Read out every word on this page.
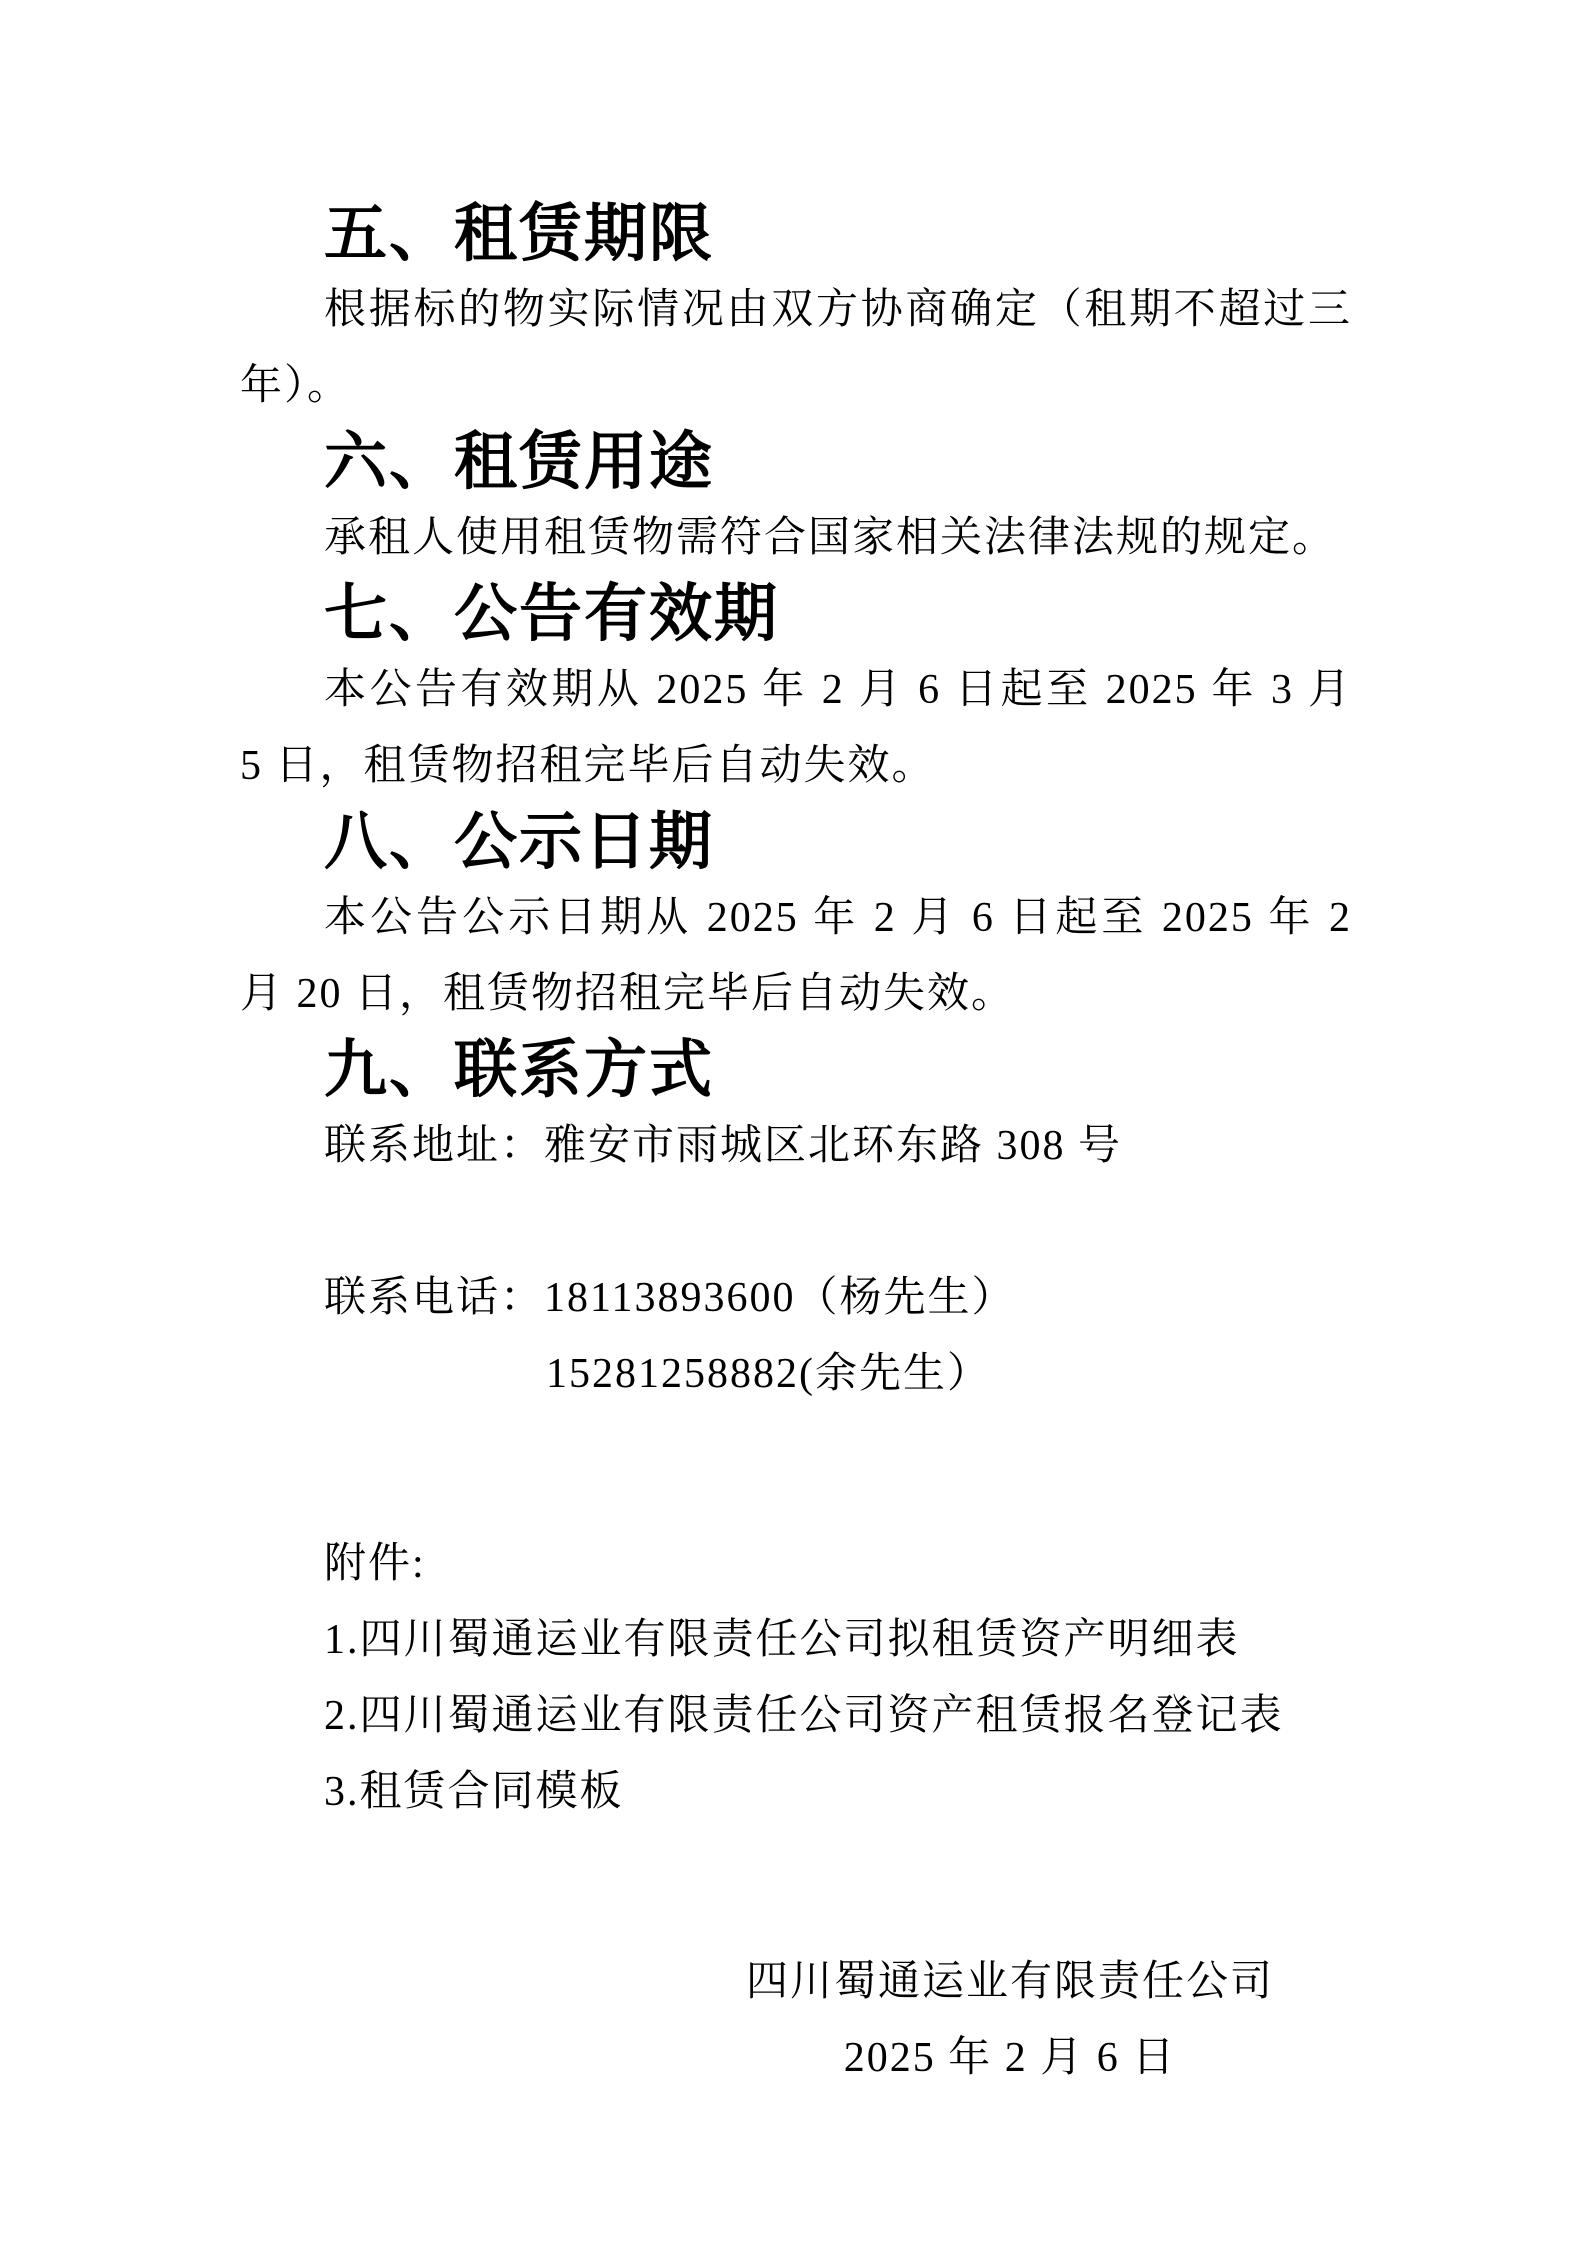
五、租赁期限

根据标的物实际情况由双方协商确定（租期不超过三年）。

六、租赁用途

承租人使用租赁物需符合国家相关法律法规的规定。

七、公告有效期

本公告有效期从 2025 年 2 月 6 日起至 2025 年 3 月 5 日，租赁物招租完毕后自动失效。

八、公示日期

本公告公示日期从 2025 年 2 月 6 日起至 2025 年 2 月 20 日，租赁物招租完毕后自动失效。

九、联系方式

联系地址：雅安市雨城区北环东路 308 号

联系电话：18113893600（杨先生）

15281258882(余先生）

附件:

1.四川蜀通运业有限责任公司拟租赁资产明细表

2.四川蜀通运业有限责任公司资产租赁报名登记表

3.租赁合同模板

四川蜀通运业有限责任公司
2025 年 2 月 6 日
